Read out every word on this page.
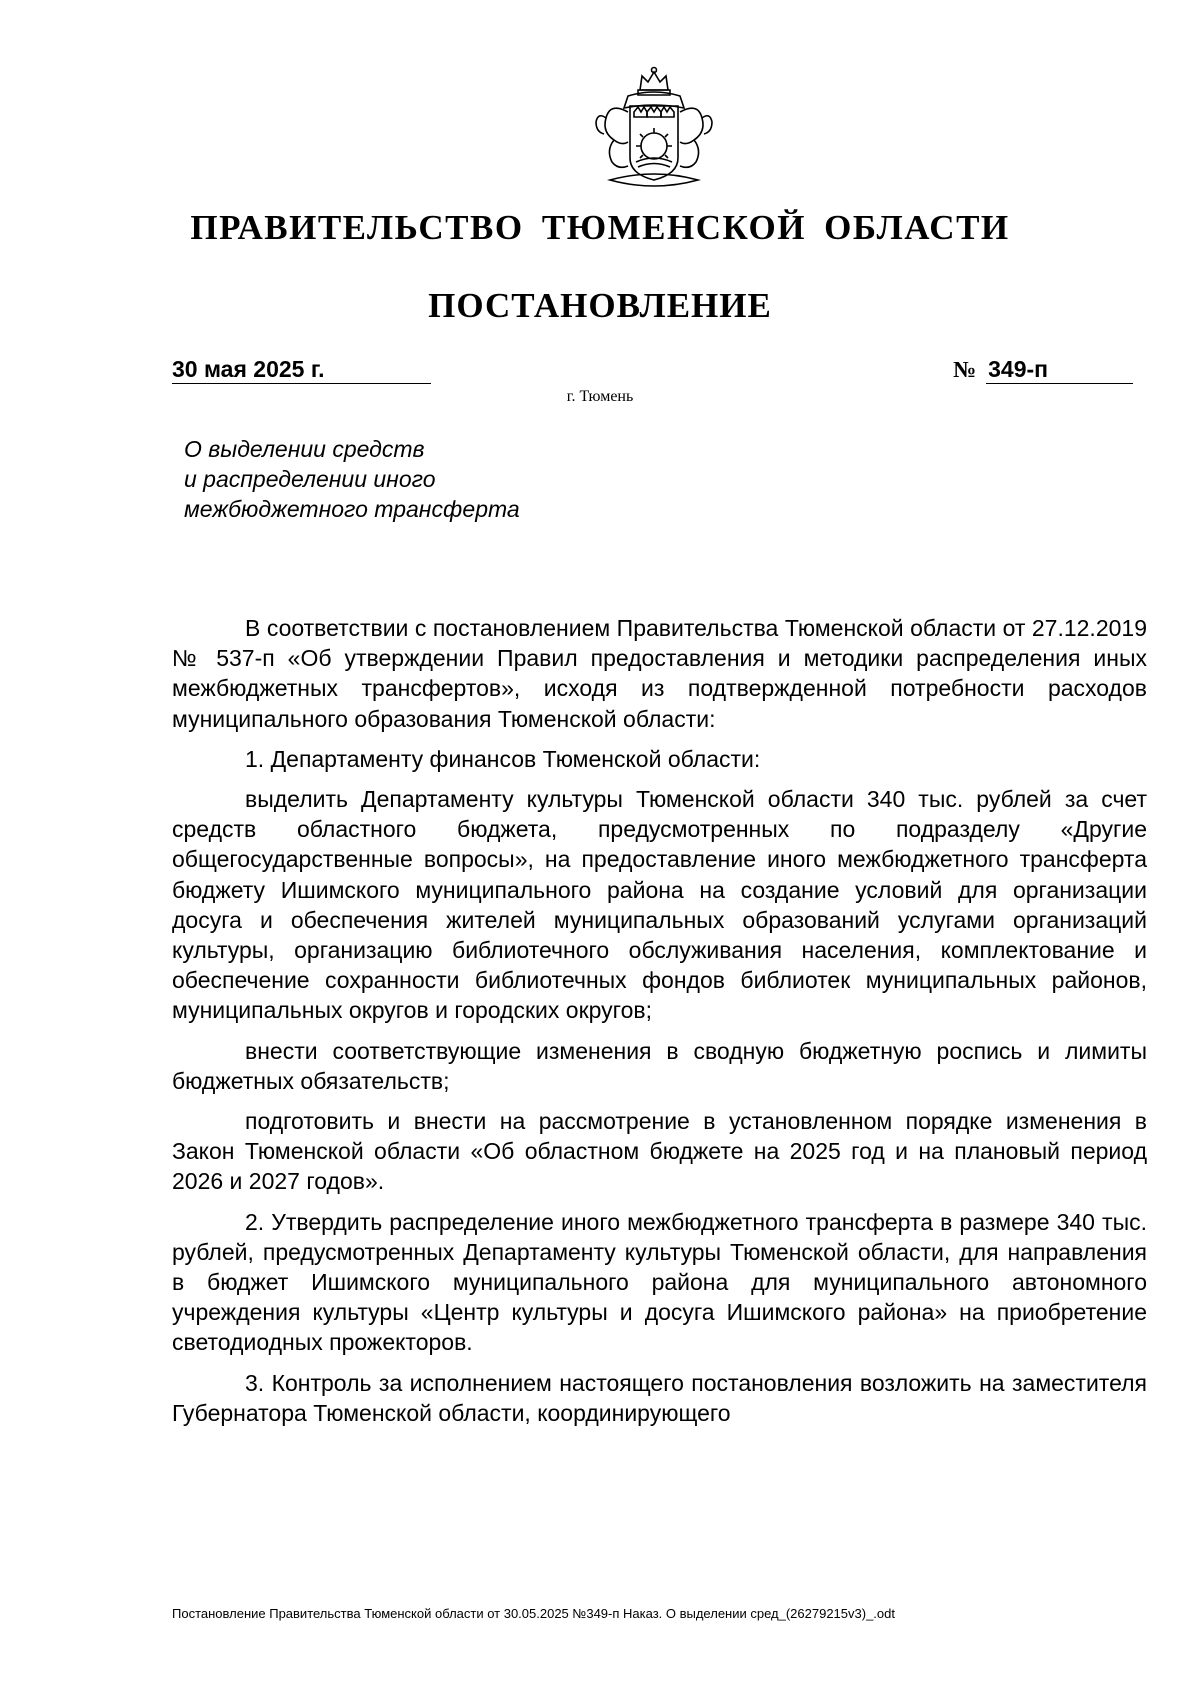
ПРАВИТЕЛЬСТВО ТЮМЕНСКОЙ ОБЛАСТИ
ПОСТАНОВЛЕНИЕ
30 мая 2025 г.	№ 349-п
г. Тюмень
О выделении средств
и распределении иного
межбюджетного трансферта

В соответствии с постановлением Правительства Тюменской области от 27.12.2019 № 537-п «Об утверждении Правил предоставления и методики распределения иных межбюджетных трансфертов», исходя из подтвержденной потребности расходов муниципального образования Тюменской области:

1. Департаменту финансов Тюменской области:

выделить Департаменту культуры Тюменской области 340 тыс. рублей за счет средств областного бюджета, предусмотренных по подразделу «Другие общегосударственные вопросы», на предоставление иного межбюджетного трансферта бюджету Ишимского муниципального района на создание условий для организации досуга и обеспечения жителей муниципальных образований услугами организаций культуры, организацию библиотечного обслуживания населения, комплектование и обеспечение сохранности библиотечных фондов библиотек муниципальных районов, муниципальных округов и городских округов;

внести соответствующие изменения в сводную бюджетную роспись и лимиты бюджетных обязательств;

подготовить и внести на рассмотрение в установленном порядке изменения в Закон Тюменской области «Об областном бюджете на 2025 год и на плановый период 2026 и 2027 годов».

2. Утвердить распределение иного межбюджетного трансферта в размере 340 тыс. рублей, предусмотренных Департаменту культуры Тюменской области, для направления в бюджет Ишимского муниципального района для муниципального автономного учреждения культуры «Центр культуры и досуга Ишимского района» на приобретение светодиодных прожекторов.

3. Контроль за исполнением настоящего постановления возложить на заместителя Губернатора Тюменской области, координирующего

Постановление Правительства Тюменской области от 30.05.2025 №349-п Наказ. О выделении сред_(26279215v3)_.odt
